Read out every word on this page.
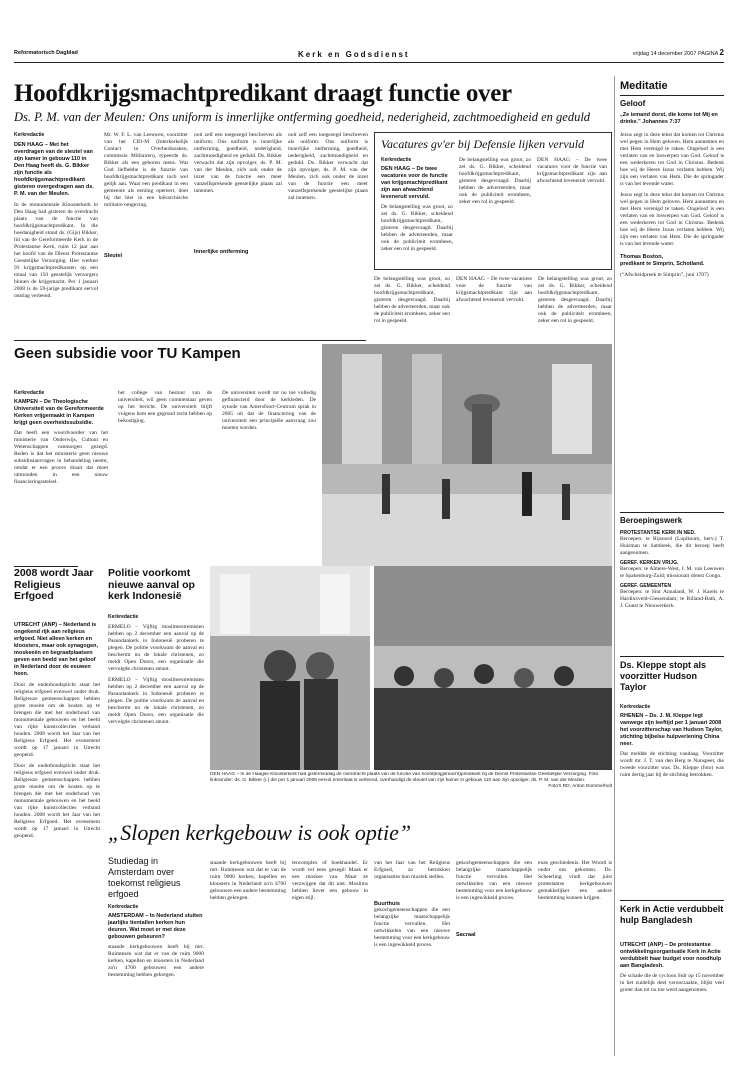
Reformatorisch Dagblad	Kerk en Godsdienst	vrijdag 14 december 2007 PAGINA 2
Hoofdkrijgsmachtpredikant draagt functie over
Ds. P. M. van der Meulen: Ons uniform is innerlijke ontferming goedheid, nederigheid, zachtmoedigheid en geduld
Kerkredactie
DEN HAAG – Met het overdragen van de sleutel van zijn kamer in gebouw 110 in Den Haag heeft ds. G. Bikker zijn functie als hoofdkrijgsmachtpredikant gisteren overgedragen aan ds. P. M. van der Meulen.
In de monumentale Kloosterkerk in Den Haag had gisteren de overdracht plaats van de functie van hoofdkrijgsmachtpredikant. In die hoedanigheid stond ds. (Gijs) Bikker, lid van de Gereformeerde Kerk in de Protestantse Kerk, ruim 12 jaar aan het hoofd van de Dienst Protestantse Geestelijke Verzorging. Hier werken 93 krijgsmachtpredikanten op een totaal van 150 geestelijk verzorgers binnen de krijgsmacht. Per 1 januari 2008 is de 59-jarige predikant eervol ontslag verleend.
Mr. W. F. L. van Leeuwen, voorzitter van het CIO-M (Interkerkelijk Contact in Overheidszaken, commissie Militairen), typeerde ds. Bikker als een geboren mens. Wat God liefhebbe is de functie van hoofdkrijgsmachtpredikant toch wel gelijk aan. Waar een predikant in een gemeente als eenling opereert, doet hij dat hier in een hiërarchische militaire omgeving.
Sleutel
ooit zelf een toegezegd beschreven als uniform. Ons uniform is innerlijke ontferming, goedheid, nederigheid, zachtmoedigheid en geduld. Ds. Bikker verwacht dat zijn opvolger, ds. P. M. van der Meulen, zich ook onder de inzet van de functie een meer vanzelfsprekende geestelijke plaats zal innemen.
Innerlijke ontferming
ooit zelf een toegezegd beschreven als uniform. Ons uniform is innerlijke ontferming, goedheid, nederigheid, zachtmoedigheid en geduld. Ds. Bikker verwacht dat zijn opvolger, ds. P. M. van der Meulen, zich ook onder de inzet van de functie een meer vanzelfsprekende geestelijke plaats zal innemen.
Vacatures gv'er bij Defensie lijken vervuld
Kerkredactie
DEN HAAG – De twee vacatures voor de functie van krijgsmachtpredikant zijn aan afwachtend leveneruit vervuld.
De belangstelling was groot, zo zei ds. G. Bikker, scheidend hoofdkrijgsmachtpredikant, gisteren desgevraagd. Daarbij hebben de adverteerden, maar ook de publiciteit eromheen, zeker een rol in gespeeld.
De belangstelling was groot, zo zei ds. G. Bikker, scheidend hoofdkrijgsmachtpredikant, gisteren desgevraagd. Daarbij hebben de adverteerden, maar ook de publiciteit eromheen, zeker een rol in gespeeld.
DEN HAAG – De twee vacatures voor de functie van krijgsmachtpredikant zijn aan afwachtend leveneruit vervuld.
De belangstelling was groot, zo zei ds. G. Bikker, scheidend hoofdkrijgsmachtpredikant, gisteren desgevraagd. Daarbij hebben de adverteerden, maar ook de publiciteit eromheen, zeker een rol in gespeeld.
DEN HAAG – De twee vacatures voor de functie van krijgsmachtpredikant zijn aan afwachtend leveneruit vervuld.
De belangstelling was groot, zo zei ds. G. Bikker, scheidend hoofdkrijgsmachtpredikant, gisteren desgevraagd. Daarbij hebben de adverteerden, maar ook de publiciteit eromheen, zeker een rol in gespeeld.
Meditatie
Geloof
„Ze iemand dorst, die kome tot Mij en drinke.” Johannes 7:37
Jezus zegt in deze tekst dat komen tot Christus wel pegen in Hem geloven. Hem aannemen en met Hem verenigd te raken. Ongeloof is een verlaten van en loswerpen van God. Geloof is een wederkeren tot God in Christus. Bedenk hoe wij de Heere Jezus verlaten hebben. Wij zijn een verlaten van Hem. Die de springader is van het levende water.
Jezus zegt in deze tekst dat komen tot Christus wel pegen in Hem geloven. Hem aannemen en met Hem verenigd te raken. Ongeloof is een verlaten van en loswerpen van God. Geloof is een wederkeren tot God in Christus. Bedenk hoe wij de Heere Jezus verlaten hebben. Wij zijn een verlaten van Hem. Die de springader is van het levende water.
Thomas Boston,
predikant te Simprin, Schotland.
(“Afscheidpreek te Simprin”, juni 1707)
Geen subsidie voor TU Kampen
Kerkredactie
KAMPEN – De Theologische Universiteit van de Gereformeerde Kerken vrijgemaakt in Kampen krijgt geen overheidssubsidie.
Dat heeft een woordvoerder van het ministerie van Onderwijs, Cultuur en Wetenschappen vanmorgen gezegd. Reden is dat het ministerie geen nieuwe subsidieaanvragen in behandeling neemt, omdat er een proces draait dat moet uitmonden in een nieuw financieringsstelsel.
het college van bestuur van de universiteit, wil geen commentaar geven op het bericht. De universiteit blijft volgens hem een gegrond recht hebben op bekostiging.
De universiteit wordt tot nu toe volledig gefinancierd door de kerkleden. De synode van Amersfoort-Centrum sprak in 2005 uit dat de financiering van de universiteit een principiële aanvraag zou moeten worden.
2008 wordt Jaar Religieus Erfgoed
UTRECHT (ANP) – Nederland is ongekend rijk aan religieus erfgoed. Niet alleen kerken en kloosters, maar ook synagogen, moskeeën en begraafplaatsen geven een beeld van het geloof in Nederland door de eeuwen heen.
Door de onderhoudsplicht staat het religieus erfgoed evenwel onder druk. Religieuze gemeenschappen hebben grote moeite om de kosten op te brengen die met het onderhoud van monumentale gebouwen en het beeld van rijke kunstcollecties verband houden. 2008 wordt het Jaar van het Religieus Erfgoed. Het evenement wordt op 17 januari in Utrecht geopend.
Door de onderhoudsplicht staat het religieus erfgoed evenwel onder druk. Religieuze gemeenschappen hebben grote moeite om de kosten op te brengen die met het onderhoud van monumentale gebouwen en het beeld van rijke kunstcollecties verband houden. 2008 wordt het Jaar van het Religieus Erfgoed. Het evenement wordt op 17 januari in Utrecht geopend.
Politie voorkomt nieuwe aanval op kerk Indonesië
Kerkredactie
ERMELO – Vijftig moslimextremisten hebben op 2 december een aanval op de Pasundankerk in Indonesië proberen te plegen. De politie voorkwam de aanval en beschermt nu de lokale christenen, zo meldt Open Doors, een organisatie die vervolgde christenen steunt.
ERMELO – Vijftig moslimextremisten hebben op 2 december een aanval op de Pasundankerk in Indonesië proberen te plegen. De politie voorkwam de aanval en beschermt nu de lokale christenen, zo meldt Open Doors, een organisatie die vervolgde christenen steunt.
DEN HAAG – In de Haagse Kloosterkerk had gistermiddag de overdracht plaats van de functie van hoofd(krijgsmacht)predikant bij de Dienst Protestantse Geestelijke Verzorging. Foto linksonder: ds. G. Bikker (r.) die per 1 januari 2008 eervol emeritaat is verleend, overhandigt de sleutel van zijn kamer in gebouw 110 aan zijn opvolger, ds. P. M. van der Meulen.
Foto's RD, Anton Dommerholt
„Slopen kerkgebouw is ook optie”
Studiedag in Amsterdam over toekomst religieus erfgoed
Kerkredactie
AMSTERDAM – In Nederland sluiten jaarlijks tientallen kerken hun deuren. Wat moet er met deze gebouwen gebeuren?
staande kerkgebouwen heeft bij mrt. Ruimtesen wat dat er van de ruim 9000 kerken, kapellen en kloosters in Nederland zo'n 4700 gebouwen een andere bestemming hebben gekregen.
staande kerkgebouwen heeft bij mrt. Ruimtesen wat dat er van de ruim 9000 kerken, kapellen en kloosters in Nederland zo'n 4700 gebouwen een andere bestemming hebben gekregen.
tencomplex of boekhandel. Er wordt vel eens gezegd: Maak er een moskee van. Maar ze verzwijgen dat dit niet. Moslims hebben liever een gebouw in eigen stijl.
van het Jaar van het Religieus Erfgoed, zo betrokken organisaties hun muziek stellen.
Buurthuis
gekochgemeenschappen die een belangrijke maatschappelijk functie vervullen. Het ontwikkelen van een nieuwe bestemming voor een kerkgebouw is een ingewikkeld proces.
gekochgemeenschappen die een belangrijke maatschappelijk functie vervullen. Het ontwikkelen van een nieuwe bestemming voor een kerkgebouw is een ingewikkeld proces.
Sacraal
enze geschiedenis. Het Woord is onder ons gekomen. Ds. Scheerling vindt dat juist protestantse kerkgebouwen gemakkelijker een andere bestemming kunnen krijgen.
Beroepingswerk
PROTESTANTSE KERK IN NED.
Beroepen: te Rijsoord (Lopiksum, herv.) T. Huisman te Sambeek, die dit beroep heeft aangenomen.
GEREF. KERKEN VRIJG.
Beroepen: te Almere-West, J. M. van Leeuwen te Spakenburg-Zuid; missionair dienst Congo.
GEREF. GEMEENTEN
Beroepen: te Sint Annaland, W. J. Karels te Hardinxveld-Giessendam; te Rilland-Bath, A. J. Gunst te Nieuwerkerk.
Ds. Kleppe stopt als voorzitter Hudson Taylor
Kerkredactie
RHENEN – Ds. J. M. Kleppe legt vanwege zijn leeftijd per 1 januari 2008 het voorzitterschap van Hudson Taylor, stichting bijbelse hulpverlening China neer.
Dat meldde de stichting vandaag. Voorzitter wordt mr. J. T. van den Berg te Nunspeet, die tweede voorzitter was. Ds. Kleppe (foto) was ruim dertig jaar bij de stichting betrokken.
Kerk in Actie verdubbelt hulp Bangladesh
UTRECHT (ANP) – De protestantse ontwikkelingsorganisatie Kerk in Actie verdubbelt haar budget voor noodhulp aan Bangladesh.
De schade die de cycloon Sidr op 15 november in het zuidelijk deel veroorzaakte, blijkt veel groter dan tot nu toe werd aangenomen.
